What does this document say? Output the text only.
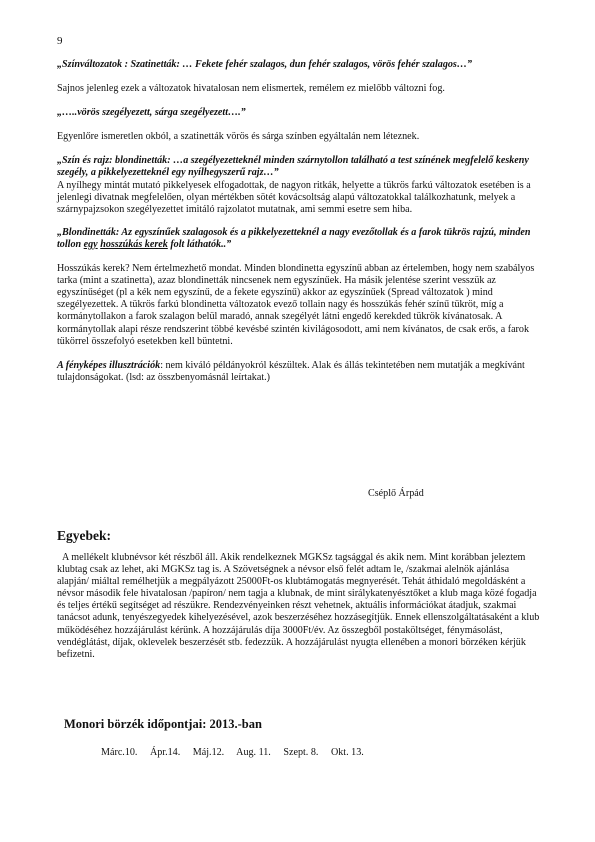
9

„Színváltozatok : Szatinetták: … Fekete fehér szalagos, dun fehér szalagos, vörös fehér szalagos…”

Sajnos jelenleg ezek a változatok hivatalosan nem elismertek, remélem ez mielőbb változni fog.

„…..vörös szegélyezett, sárga szegélyezett….”

Egyenlőre ismeretlen okból, a szatinetták vörös és sárga színben egyáltalán nem léteznek.

„Szín és rajz: blondinetták: …a szegélyezetteknél minden szárnytollon található a test színének megfelelő keskeny szegély, a pikkelyezetteknél egy nyílhegyszerű rajz…”

A nyílhegy mintát mutató pikkelyesek elfogadottak, de nagyon ritkák, helyette a tükrös farkú változatok esetében is a jelenlegi divatnak megfelelően, olyan mértékben sötét kovácsoltság alapú változatokkal találkozhatunk, melyek a szárnypajzsokon szegélyezettet imitáló rajzolatot mutatnak, ami semmi esetre sem hiba.

„Blondinetták: Az egyszínűek szalagosok és a pikkelyezetteknél a nagy evezőtollak és a farok tükrös rajzú, minden tollon egy hosszúkás kerek folt láthatók..”

Hosszúkás kerek? Nem értelmezhető mondat. Minden blondinetta egyszínű abban az értelemben, hogy nem szabályos tarka (mint a szatinetta), azaz blondinetták nincsenek nem egyszínűek. Ha másik jelentése szerint vesszük az egyszínűséget (pl a kék nem egyszínű, de a fekete egyszínű) akkor az egyszínűek (Spread változatok ) mind szegélyezettek. A tükrös farkú blondinetta változatok evező tollain nagy és hosszúkás fehér színű tükröt, míg a kormánytollakon a farok szalagon belül maradó, annak szegélyét látni engedő kerekded tükrök kívánatosak. A kormánytollak alapi része rendszerint többé kevésbé szintén kivilágosodott, ami nem kívánatos, de csak erős, a farok tükörrel összefolyó esetekben kell büntetni.

A fényképes illusztrációk: nem kiváló példányokról készültek. Alak és állás tekintetében nem mutatják a megkívánt tulajdonságokat. (lsd: az összbenyomásnál leírtakat.)

Cséplő Árpád
Egyebek:
A mellékelt klubnévsor két részből áll. Akik rendelkeznek MGKSz tagsággal és akik nem. Mint korábban jeleztem klubtag csak az lehet, aki MGKSz tag is. A Szövetségnek a névsor első felét adtam le, /szakmai alelnök ajánlása alapján/ miáltal remélhetjük a megpályázott 25000Ft-os klubtámogatás megnyerését. Tehát áthidaló megoldásként a névsor második fele hivatalosan /papíron/ nem tagja a klubnak, de mint sirálykatenyésztőket a klub maga közé fogadja és teljes értékű segítséget ad részükre. Rendezvényeinken részt vehetnek, aktuális információkat átadjuk, szakmai tanácsot adunk, tenyészegyedek kihelyezésével, azok beszerzéséhez hozzásegítjük. Ennek ellenszolgáltatásaként a klub működéséhez hozzájárulást kérünk. A hozzájárulás díja 3000Ft/év. Az összegből postaköltséget, fénymásolást, vendéglátást, díjak, oklevelek beszerzését stb. fedezzük. A hozzájárulást nyugta ellenében a monori börzéken kérjük befizetni.
Monori börzék időpontjai: 2013.-ban
Márc.10. Ápr.14. Máj.12. Aug. 11. Szept. 8. Okt. 13.
